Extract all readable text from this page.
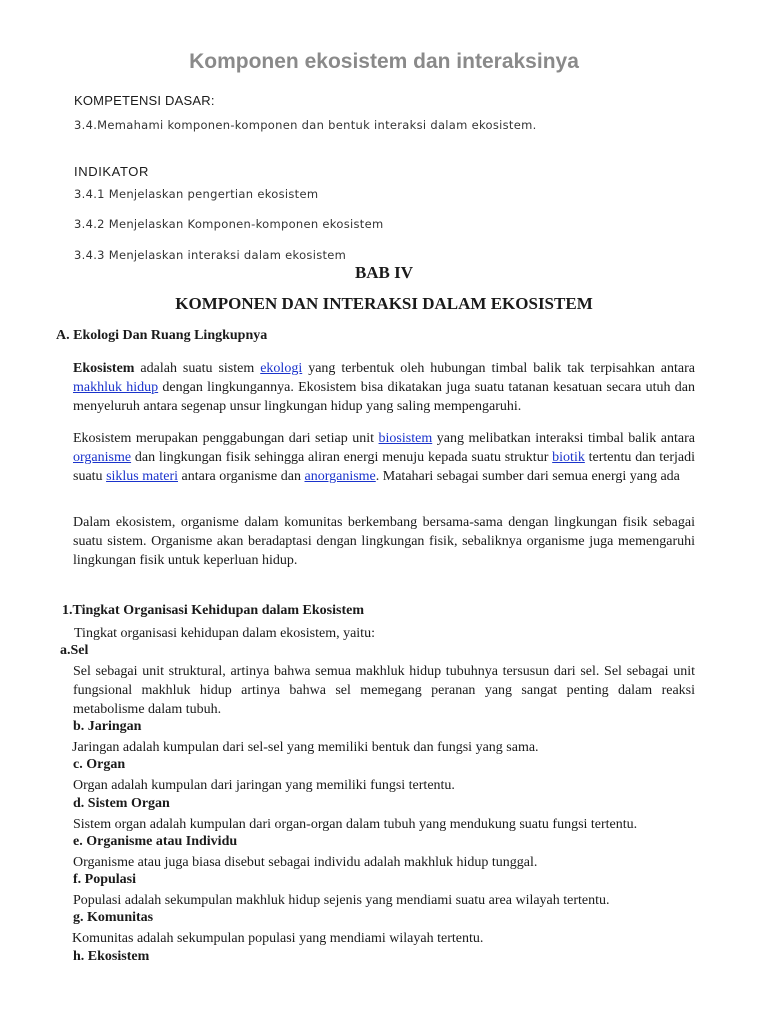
Komponen ekosistem dan interaksinya
KOMPETENSI DASAR:
3.4.Memahami komponen-komponen dan bentuk interaksi dalam ekosistem.
INDIKATOR
3.4.1 Menjelaskan pengertian ekosistem
3.4.2 Menjelaskan Komponen-komponen ekosistem
3.4.3 Menjelaskan interaksi dalam ekosistem
BAB IV
KOMPONEN DAN INTERAKSI DALAM EKOSISTEM
A. Ekologi Dan Ruang Lingkupnya
Ekosistem adalah suatu sistem ekologi yang terbentuk oleh hubungan timbal balik tak terpisahkan antara makhluk hidup dengan lingkungannya. Ekosistem bisa dikatakan juga suatu tatanan kesatuan secara utuh dan menyeluruh antara segenap unsur lingkungan hidup yang saling mempengaruhi.
Ekosistem merupakan penggabungan dari setiap unit biosistem yang melibatkan interaksi timbal balik antara organisme dan lingkungan fisik sehingga aliran energi menuju kepada suatu struktur biotik tertentu dan terjadi suatu siklus materi antara organisme dan anorganisme. Matahari sebagai sumber dari semua energi yang ada
Dalam ekosistem, organisme dalam komunitas berkembang bersama-sama dengan lingkungan fisik sebagai suatu sistem. Organisme akan beradaptasi dengan lingkungan fisik, sebaliknya organisme juga memengaruhi lingkungan fisik untuk keperluan hidup.
1.Tingkat Organisasi Kehidupan dalam Ekosistem
Tingkat organisasi kehidupan dalam ekosistem, yaitu:
a.Sel
Sel sebagai unit struktural, artinya bahwa semua makhluk hidup tubuhnya tersusun dari sel. Sel sebagai unit fungsional makhluk hidup artinya bahwa sel memegang peranan yang sangat penting dalam reaksi metabolisme dalam tubuh.
b. Jaringan
Jaringan adalah kumpulan dari sel-sel yang memiliki bentuk dan fungsi yang sama.
c. Organ
Organ adalah kumpulan dari jaringan yang memiliki fungsi tertentu.
d. Sistem Organ
Sistem organ adalah kumpulan dari organ-organ dalam tubuh yang mendukung suatu fungsi tertentu.
e. Organisme atau Individu
Organisme atau juga biasa disebut sebagai individu adalah makhluk hidup tunggal.
f. Populasi
Populasi adalah sekumpulan makhluk hidup sejenis yang mendiami suatu area wilayah tertentu.
g. Komunitas
Komunitas adalah sekumpulan populasi yang mendiami wilayah tertentu.
h. Ekosistem
